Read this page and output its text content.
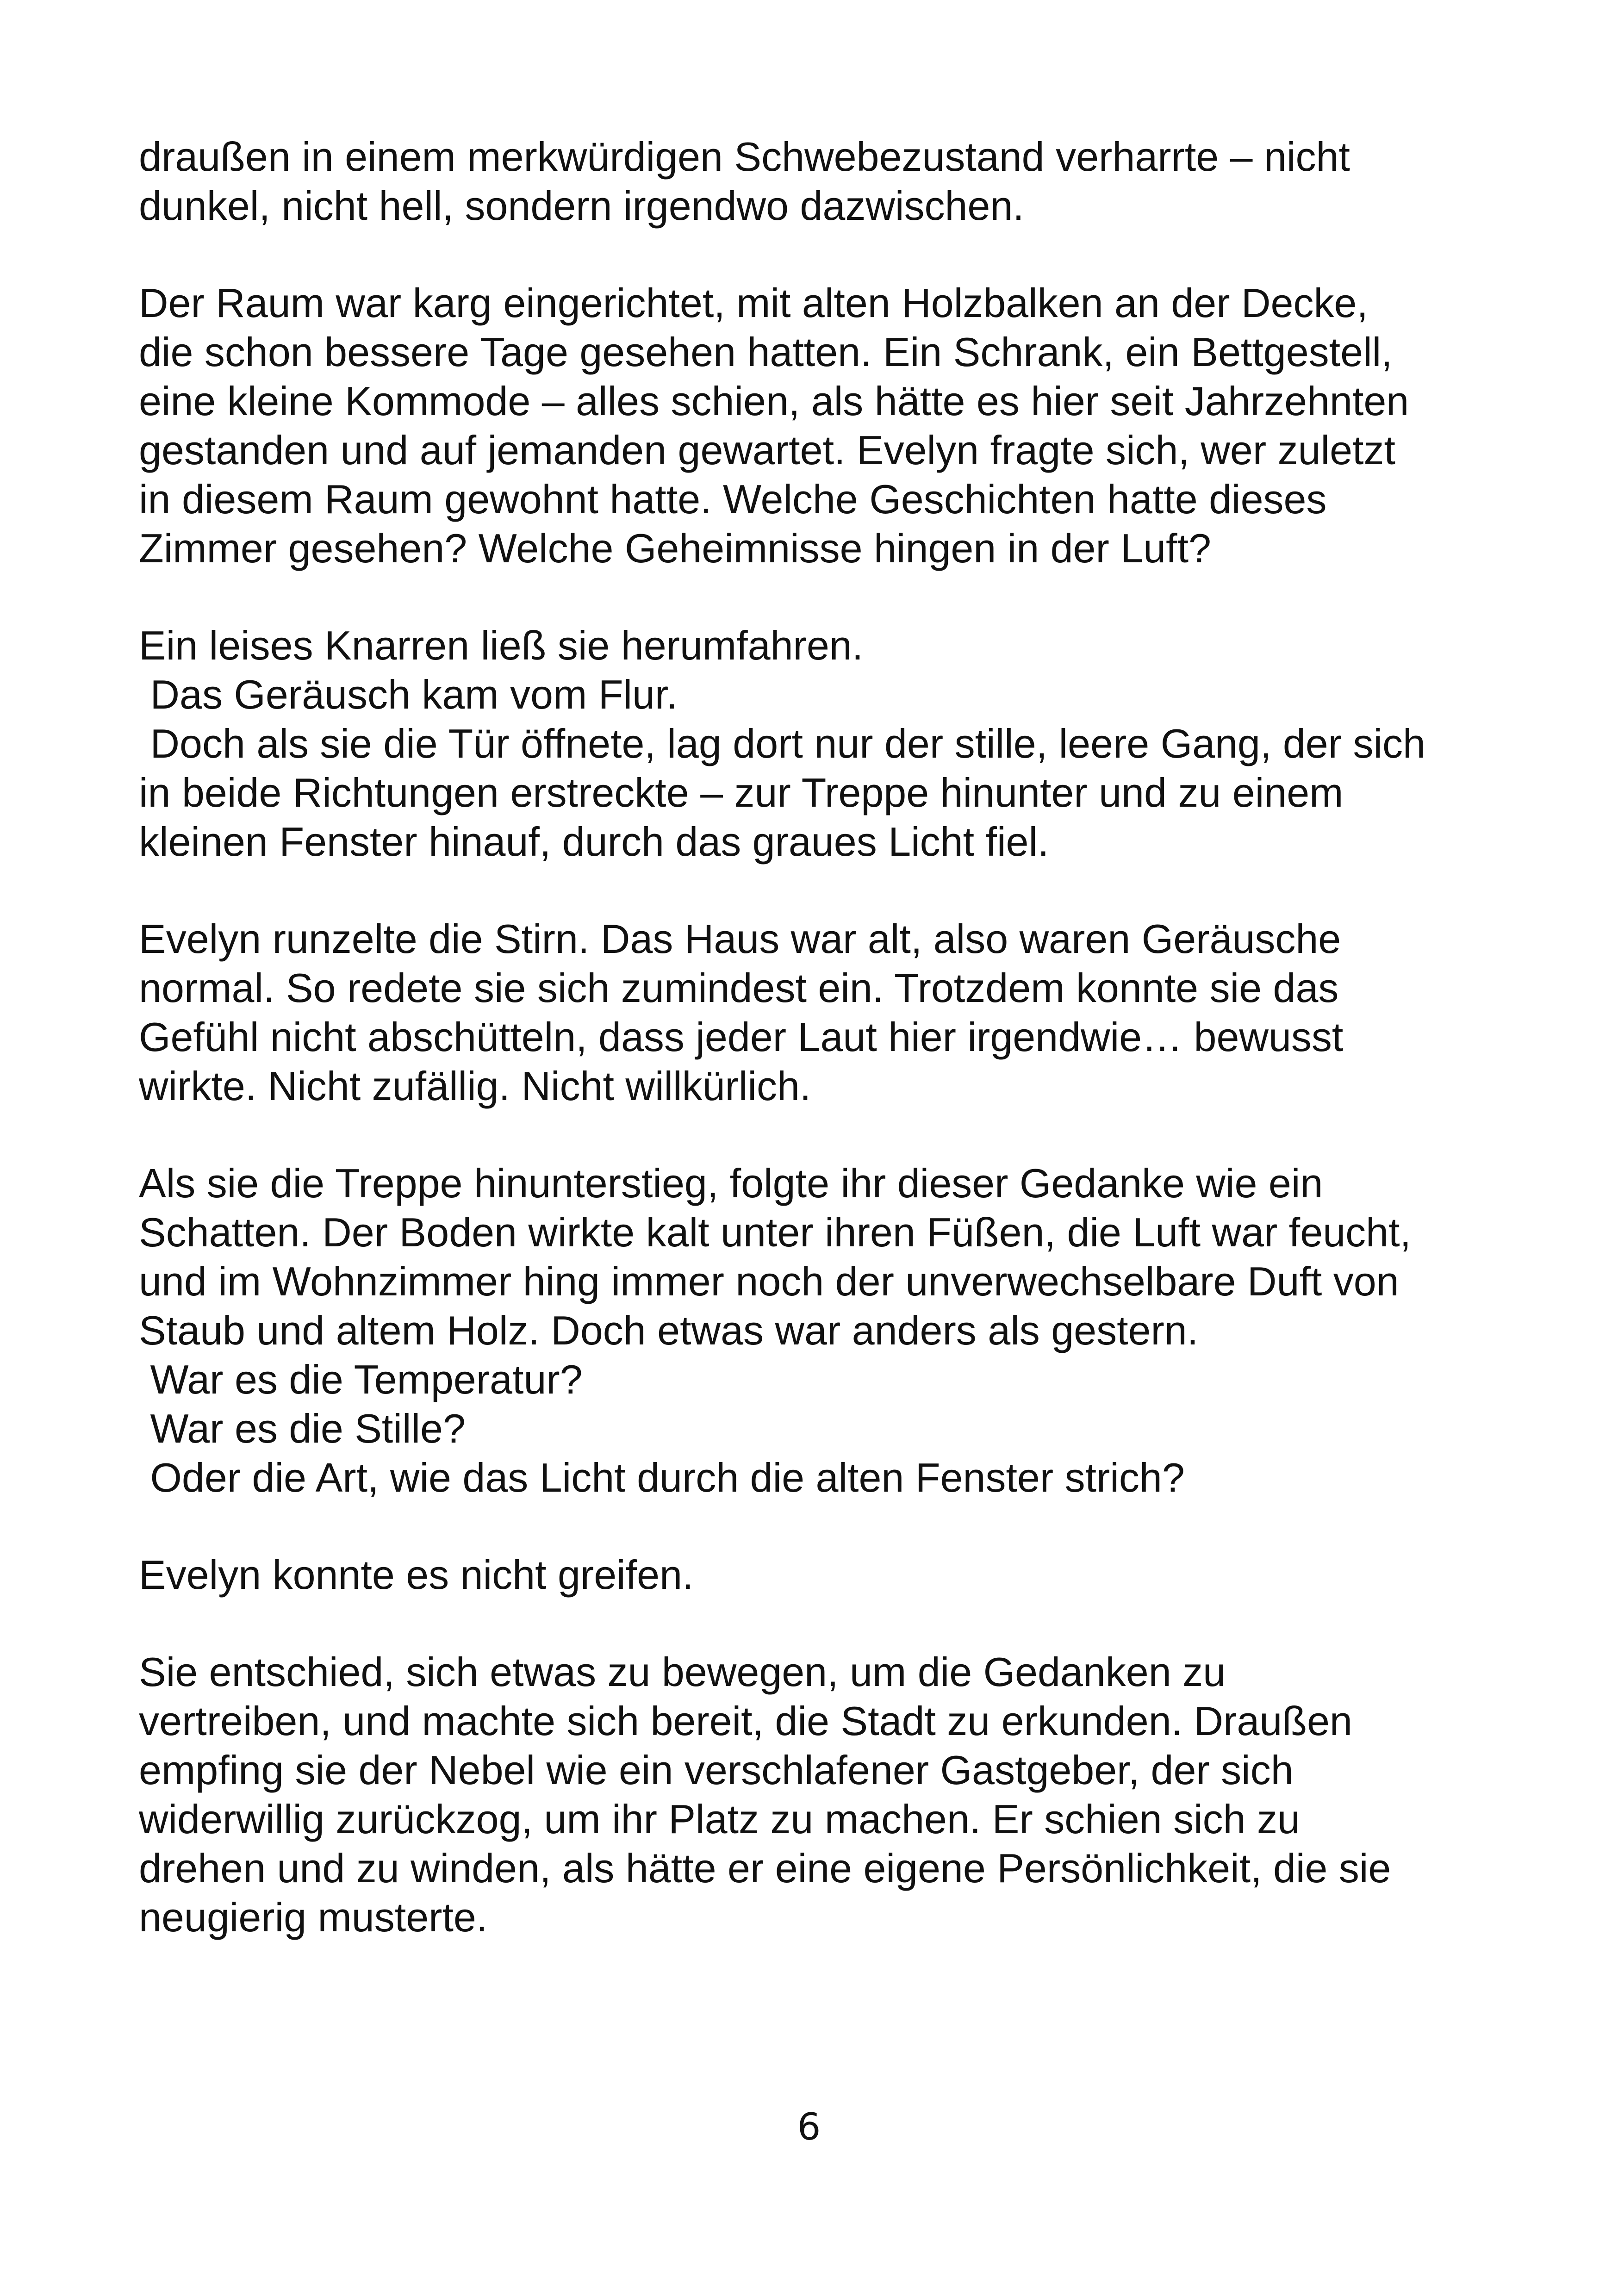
draußen in einem merkwürdigen Schwebezustand verharrte – nicht
dunkel, nicht hell, sondern irgendwo dazwischen.

Der Raum war karg eingerichtet, mit alten Holzbalken an der Decke,
die schon bessere Tage gesehen hatten. Ein Schrank, ein Bettgestell,
eine kleine Kommode – alles schien, als hätte es hier seit Jahrzehnten
gestanden und auf jemanden gewartet. Evelyn fragte sich, wer zuletzt
in diesem Raum gewohnt hatte. Welche Geschichten hatte dieses
Zimmer gesehen? Welche Geheimnisse hingen in der Luft?

Ein leises Knarren ließ sie herumfahren.
Das Geräusch kam vom Flur.
Doch als sie die Tür öffnete, lag dort nur der stille, leere Gang, der sich
in beide Richtungen erstreckte – zur Treppe hinunter und zu einem
kleinen Fenster hinauf, durch das graues Licht fiel.

Evelyn runzelte die Stirn. Das Haus war alt, also waren Geräusche
normal. So redete sie sich zumindest ein. Trotzdem konnte sie das
Gefühl nicht abschütteln, dass jeder Laut hier irgendwie… bewusst
wirkte. Nicht zufällig. Nicht willkürlich.

Als sie die Treppe hinunterstieg, folgte ihr dieser Gedanke wie ein
Schatten. Der Boden wirkte kalt unter ihren Füßen, die Luft war feucht,
und im Wohnzimmer hing immer noch der unverwechselbare Duft von
Staub und altem Holz. Doch etwas war anders als gestern.
War es die Temperatur?
War es die Stille?
Oder die Art, wie das Licht durch die alten Fenster strich?

Evelyn konnte es nicht greifen.

Sie entschied, sich etwas zu bewegen, um die Gedanken zu
vertreiben, und machte sich bereit, die Stadt zu erkunden. Draußen
empfing sie der Nebel wie ein verschlafener Gastgeber, der sich
widerwillig zurückzog, um ihr Platz zu machen. Er schien sich zu
drehen und zu winden, als hätte er eine eigene Persönlichkeit, die sie
neugierig musterte.

6
